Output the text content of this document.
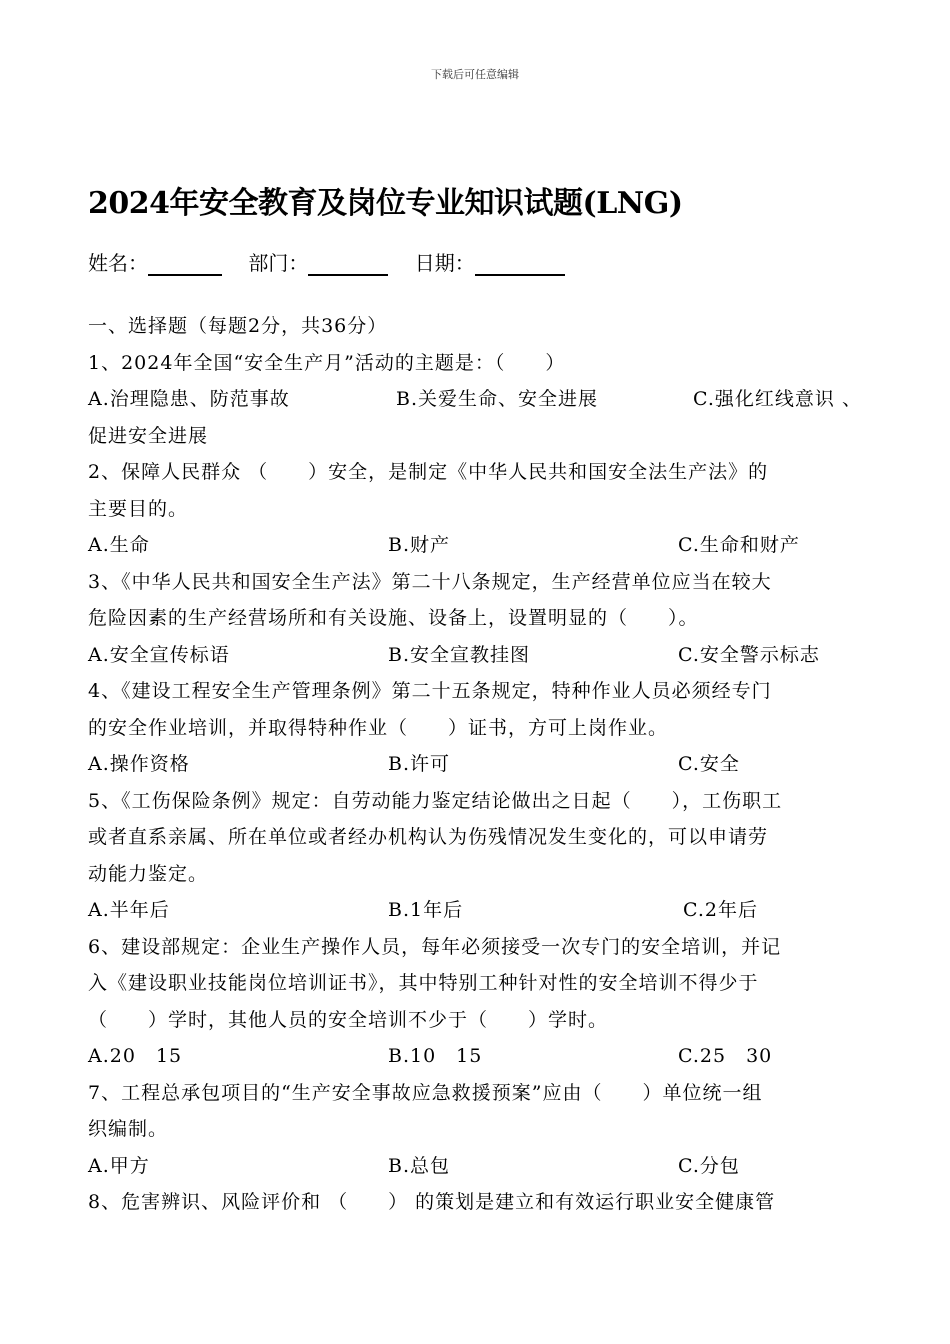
下载后可任意编辑
2024年安全教育及岗位专业知识试题(LNG)
姓名：	部门：	日期：
一、选择题（每题2分，共36分）
1、2024年全国“安全生产月”活动的主题是：（　　）
A.治理隐患、防范事故	B.关爱生命、安全进展	C.强化红线意识 、
促进安全进展
2、保障人民群众 （　　）安全，是制定《中华人民共和国安全法生产法》的
主要目的。
A.生命	B.财产	C.生命和财产
3、《中华人民共和国安全生产法》第二十八条规定，生产经营单位应当在较大
危险因素的生产经营场所和有关设施、设备上，设置明显的（　　）。
A.安全宣传标语	B.安全宣教挂图	C.安全警示标志
4、《建设工程安全生产管理条例》第二十五条规定，特种作业人员必须经专门
的安全作业培训，并取得特种作业（　　）证书，方可上岗作业。
A.操作资格	B.许可	C.安全
5、《工伤保险条例》规定：自劳动能力鉴定结论做出之日起（　　），工伤职工
或者直系亲属、所在单位或者经办机构认为伤残情况发生变化的，可以申请劳
动能力鉴定。
A.半年后	B.1年后	C.2年后
6、建设部规定：企业生产操作人员，每年必须接受一次专门的安全培训，并记
入《建设职业技能岗位培训证书》，其中特别工种针对性的安全培训不得少于
（　　）学时，其他人员的安全培训不少于（　　）学时。
A.20　15	B.10　15	C.25　30
7、工程总承包项目的“生产安全事故应急救援预案”应由（　　）单位统一组
织编制。
A.甲方	B.总包	C.分包
8、危害辨识、风险评价和 （　　） 的策划是建立和有效运行职业安全健康管
